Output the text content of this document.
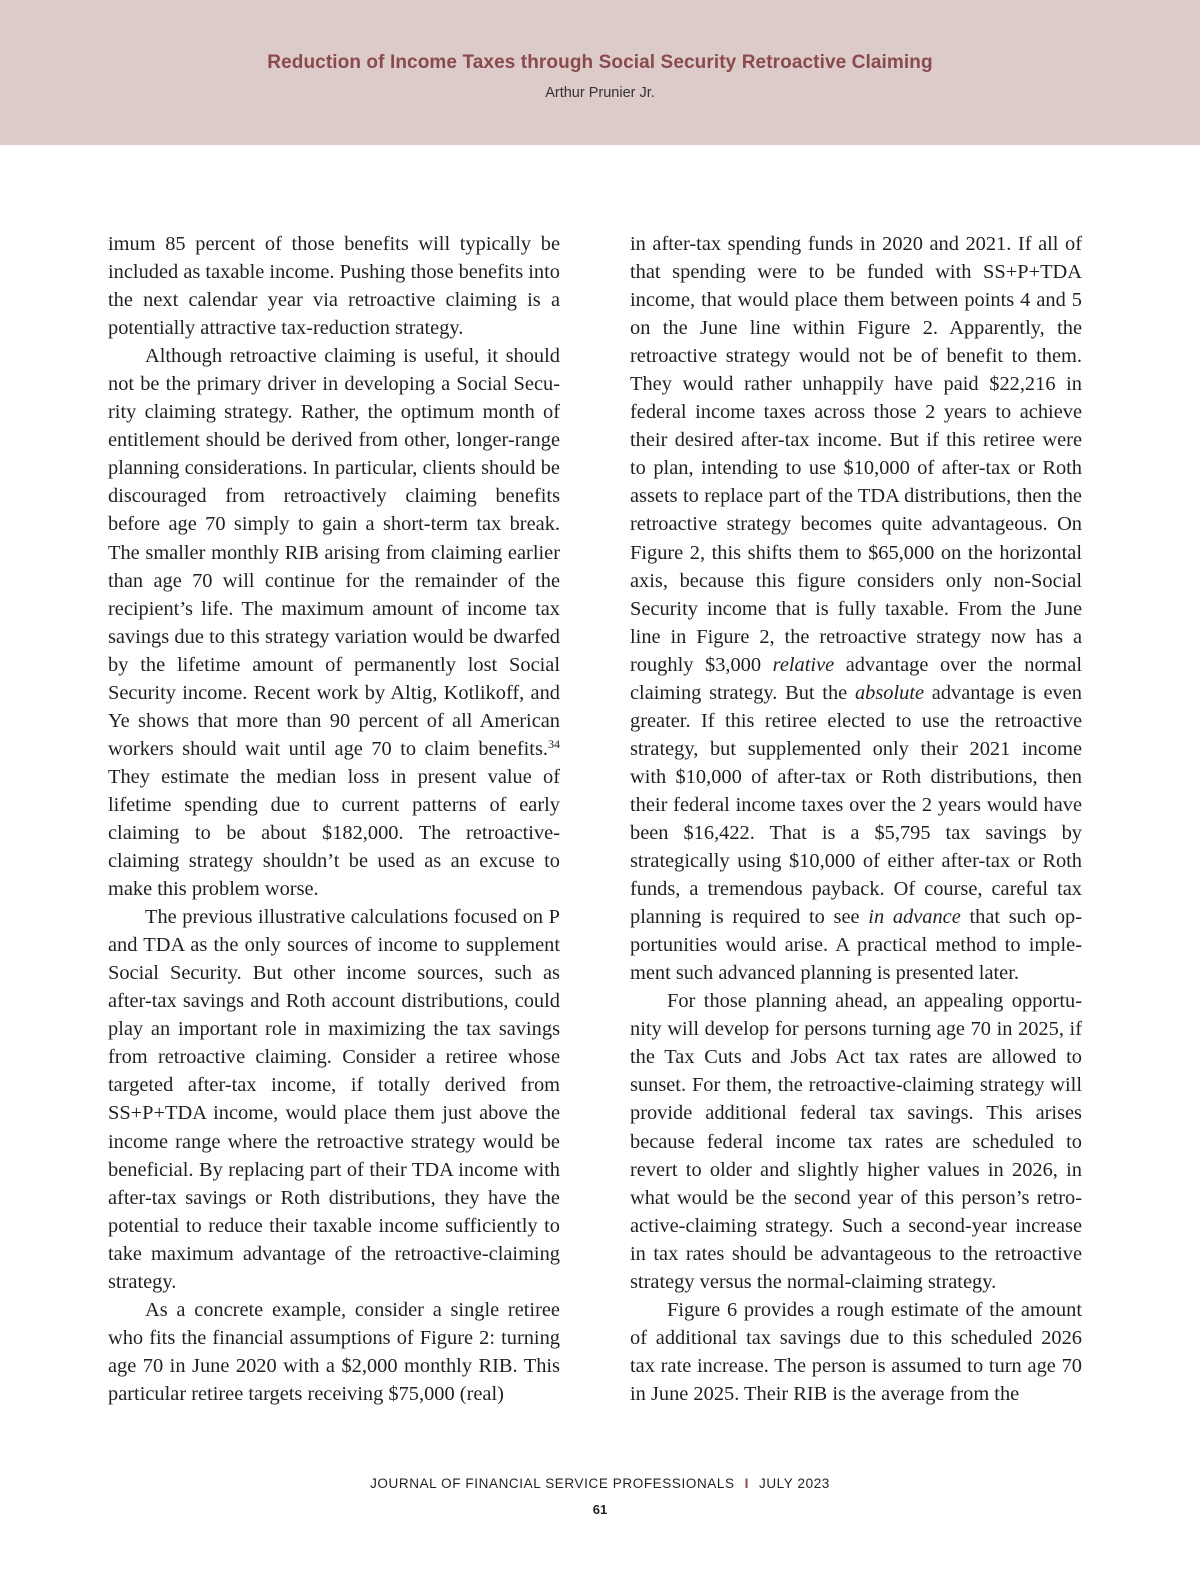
Reduction of Income Taxes through Social Security Retroactive Claiming
Arthur Prunier Jr.

imum 85 percent of those benefits will typically be included as taxable income. Pushing those benefits into the next calendar year via retroactive claiming is a potentially attractive tax-reduction strategy.

Although retroactive claiming is useful, it should not be the primary driver in developing a Social Security claiming strategy. Rather, the optimum month of entitlement should be derived from other, longer-range planning considerations. In particular, clients should be discouraged from retroactively claiming benefits before age 70 simply to gain a short-term tax break. The smaller monthly RIB arising from claiming earlier than age 70 will continue for the remainder of the recipient’s life. The maximum amount of income tax savings due to this strategy variation would be dwarfed by the lifetime amount of permanently lost Social Security income. Recent work by Altig, Kotlikoff, and Ye shows that more than 90 percent of all American workers should wait until age 70 to claim benefits.$^{34}$ They estimate the median loss in present value of lifetime spending due to current patterns of early claiming to be about $182,000. The retroactive-claiming strategy shouldn’t be used as an excuse to make this problem worse.

The previous illustrative calculations focused on P and TDA as the only sources of income to supplement Social Security. But other income sources, such as after-tax savings and Roth account distributions, could play an important role in maximizing the tax savings from retroactive claiming. Consider a retiree whose targeted after-tax income, if totally derived from SS+P+TDA income, would place them just above the income range where the retroactive strategy would be beneficial. By replacing part of their TDA income with after-tax savings or Roth distributions, they have the potential to reduce their taxable income sufficiently to take maximum advantage of the retroactive-claiming strategy.

As a concrete example, consider a single retiree who fits the financial assumptions of Figure 2: turning age 70 in June 2020 with a $2,000 monthly RIB. This particular retiree targets receiving $75,000 (real)

in after-tax spending funds in 2020 and 2021. If all of that spending were to be funded with SS+P+TDA income, that would place them between points 4 and 5 on the June line within Figure 2. Apparently, the retroactive strategy would not be of benefit to them. They would rather unhappily have paid $22,216 in federal income taxes across those 2 years to achieve their desired after-tax income. But if this retiree were to plan, intending to use $10,000 of after-tax or Roth assets to replace part of the TDA distributions, then the retroactive strategy becomes quite advantageous. On Figure 2, this shifts them to $65,000 on the horizontal axis, because this figure considers only non-Social Security income that is fully taxable. From the June line in Figure 2, the retroactive strategy now has a roughly $3,000 relative advantage over the normal claiming strategy. But the absolute advantage is even greater. If this retiree elected to use the retroactive strategy, but supplemented only their 2021 income with $10,000 of after-tax or Roth distributions, then their federal income taxes over the 2 years would have been $16,422. That is a $5,795 tax savings by strategically using $10,000 of either after-tax or Roth funds, a tremendous payback. Of course, careful tax planning is required to see in advance that such opportunities would arise. A practical method to implement such advanced planning is presented later.

For those planning ahead, an appealing opportunity will develop for persons turning age 70 in 2025, if the Tax Cuts and Jobs Act tax rates are allowed to sunset. For them, the retroactive-claiming strategy will provide additional federal tax savings. This arises because federal income tax rates are scheduled to revert to older and slightly higher values in 2026, in what would be the second year of this person’s retroactive-claiming strategy. Such a second-year increase in tax rates should be advantageous to the retroactive strategy versus the normal-claiming strategy.

Figure 6 provides a rough estimate of the amount of additional tax savings due to this scheduled 2026 tax rate increase. The person is assumed to turn age 70 in June 2025. Their RIB is the average from the

JOURNAL OF FINANCIAL SERVICE PROFESSIONALS I JULY 2023
61
